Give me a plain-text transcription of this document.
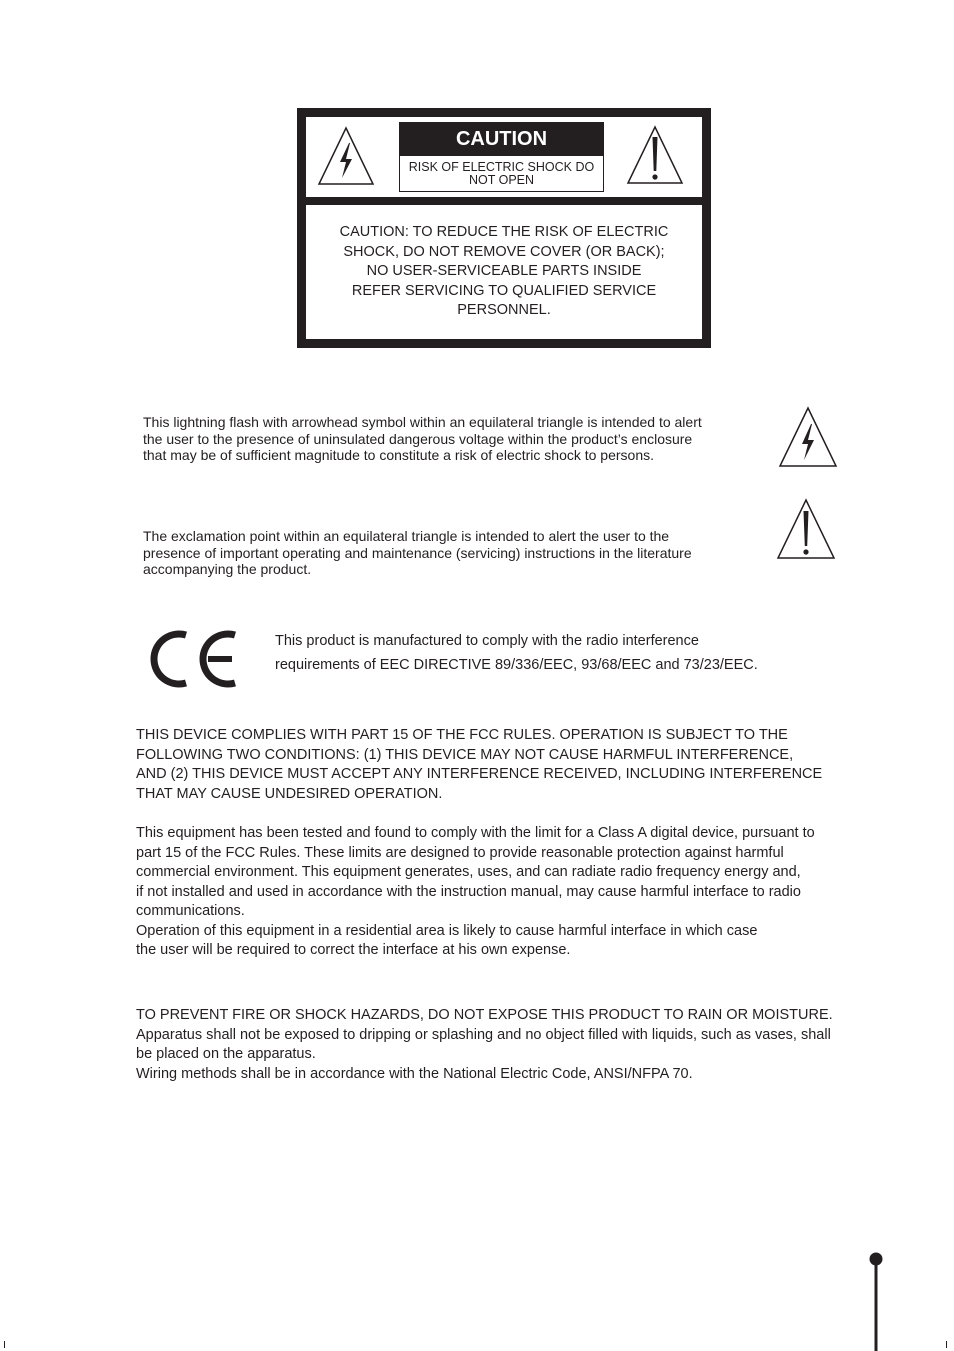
CAUTION
RISK OF ELECTRIC SHOCK DO
NOT OPEN
CAUTION: TO REDUCE THE RISK OF ELECTRIC
SHOCK, DO NOT REMOVE COVER (OR BACK);
NO USER-SERVICEABLE PARTS INSIDE
REFER SERVICING TO QUALIFIED SERVICE
PERSONNEL.
This lightning flash with arrowhead symbol within an equilateral triangle is intended to alert
the user to the presence of uninsulated dangerous voltage within the product’s enclosure
that may be of sufficient magnitude to constitute a risk of electric shock to persons.
The exclamation point within an equilateral triangle is intended to alert the user to the
presence of important operating and maintenance (servicing) instructions in the literature
accompanying the product.
This product is manufactured to comply with the radio interference
requirements of EEC DIRECTIVE 89/336/EEC, 93/68/EEC and 73/23/EEC.
THIS DEVICE COMPLIES WITH PART 15 OF THE FCC RULES. OPERATION IS SUBJECT TO THE
FOLLOWING TWO CONDITIONS: (1) THIS DEVICE MAY NOT CAUSE HARMFUL INTERFERENCE,
AND (2) THIS DEVICE MUST ACCEPT ANY INTERFERENCE RECEIVED, INCLUDING INTERFERENCE
THAT MAY CAUSE UNDESIRED OPERATION.
This equipment has been tested and found to comply with the limit for a Class A digital device, pursuant to
part 15 of the FCC Rules. These limits are designed to provide reasonable protection against harmful
commercial environment. This equipment generates, uses, and can radiate radio frequency energy and,
if not installed and used in accordance with the instruction manual, may cause harmful interface to radio
communications.
Operation of this equipment in a residential area is likely to cause harmful interface in which case
the user will be required to correct the interface at his own expense.
TO PREVENT FIRE OR SHOCK HAZARDS, DO NOT EXPOSE THIS PRODUCT TO RAIN OR MOISTURE.
Apparatus shall not be exposed to dripping or splashing and no object filled with liquids, such as vases, shall
be placed on the apparatus.
Wiring methods shall be in accordance with the National Electric Code, ANSI/NFPA 70.
